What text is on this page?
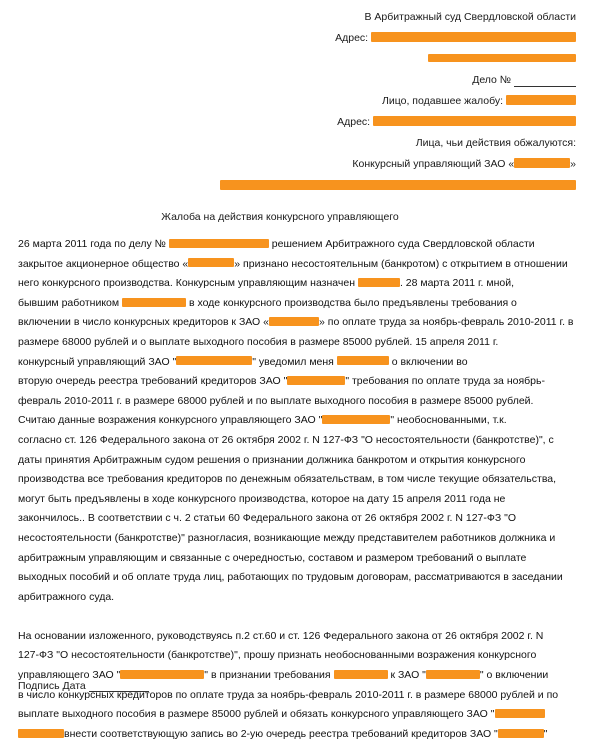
В Арбитражный суд Свердловской области
Адрес:
Дело №
Лицо, подавшее жалобу:
Адрес:
Лица, чьи действия обжалуются:
Конкурсный управляющий ЗАО «	»
Жалоба на действия конкурсного управляющего

26 марта 2011 года по делу №	решением Арбитражного суда Свердловской области

закрытое акционерное общество «	» признано несостоятельным (банкротом) с открытием в отношении

него конкурсного производства. Конкурсным управляющим назначен	. 28 марта 2011 г. мной,

бывшим работником	в ходе конкурсного производства было предъявлены требования о

включении в число конкурсных кредиторов к ЗАО «	» по оплате труда за ноябрь-февраль 2010-2011 г. в

размере 68000 рублей и о выплате выходного пособия в размере 85000 рублей. 15 апреля 2011 г.

конкурсный управляющий ЗАО "	" уведомил меня	о включении во

вторую очередь реестра требований кредиторов ЗАО "	" требования по оплате труда за ноябрь-

февраль 2010-2011 г. в размере 68000 рублей и по выплате выходного пособия в размере 85000 рублей.

Считаю данные возражения конкурсного управляющего ЗАО "	" необоснованными, т.к.

согласно ст. 126 Федерального закона от 26 октября 2002 г. N 127-ФЗ "О несостоятельности (банкротстве)", с

даты принятия Арбитражным судом решения о признании должника банкротом и открытия конкурсного

производства все требования кредиторов по денежным обязательствам, в том числе текущие обязательства,

могут быть предъявлены в ходе конкурсного производства, которое на дату 15 апреля 2011 года не

закончилось.. В соответствии с ч. 2 статьи 60 Федерального закона от 26 октября 2002 г. N 127-ФЗ "О

несостоятельности (банкротстве)" разногласия, возникающие между представителем работников должника и

арбитражным управляющим и связанные с очередностью, составом и размером требований о выплате

выходных пособий и об оплате труда лиц, работающих по трудовым договорам, рассматриваются в заседании

арбитражного суда.

На основании изложенного, руководствуясь п.2 ст.60 и ст. 126 Федерального закона от 26 октября 2002 г. N

127-ФЗ "О несостоятельности (банкротстве)", прошу признать необоснованными возражения конкурсного

управляющего ЗАО "	" в признании требования	к ЗАО "	" о включении

в число конкурсных кредиторов по оплате труда за ноябрь-февраль 2010-2011 г. в размере 68000 рублей и по

выплате выходного пособия в размере 85000 рублей и обязать конкурсного управляющего ЗАО "

внести соответствующую запись во 2-ую очередь реестра требований кредиторов ЗАО "	"

Подпись Дата
